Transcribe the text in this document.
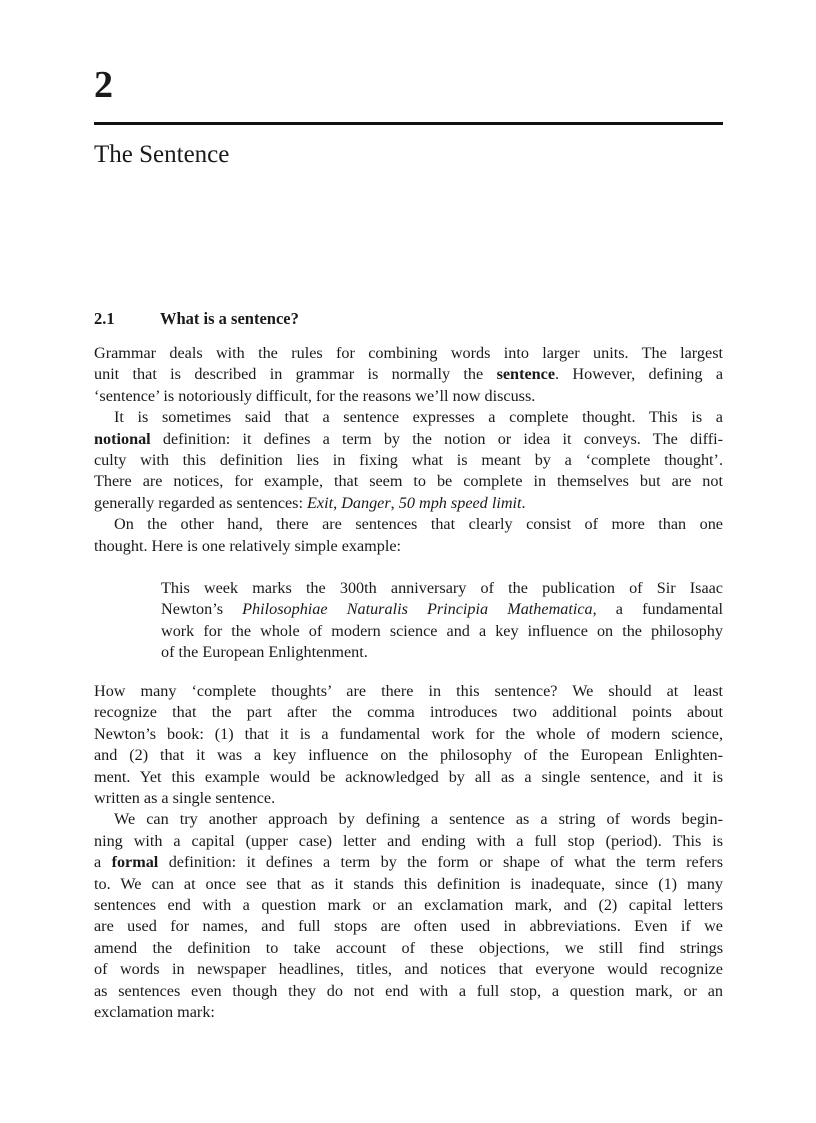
2
The Sentence
2.1	What is a sentence?
Grammar deals with the rules for combining words into larger units. The largest
unit that is described in grammar is normally the sentence. However, defining a
‘sentence’ is notoriously difficult, for the reasons we’ll now discuss.
It is sometimes said that a sentence expresses a complete thought. This is a
notional definition: it defines a term by the notion or idea it conveys. The diffi-
culty with this definition lies in fixing what is meant by a ‘complete thought’.
There are notices, for example, that seem to be complete in themselves but are not
generally regarded as sentences: Exit, Danger, 50 mph speed limit.
On the other hand, there are sentences that clearly consist of more than one
thought. Here is one relatively simple example:
This week marks the 300th anniversary of the publication of Sir Isaac
Newton’s Philosophiae Naturalis Principia Mathematica, a fundamental
work for the whole of modern science and a key influence on the philosophy
of the European Enlightenment.
How many ‘complete thoughts’ are there in this sentence? We should at least
recognize that the part after the comma introduces two additional points about
Newton’s book: (1) that it is a fundamental work for the whole of modern science,
and (2) that it was a key influence on the philosophy of the European Enlighten-
ment. Yet this example would be acknowledged by all as a single sentence, and it is
written as a single sentence.
We can try another approach by defining a sentence as a string of words begin-
ning with a capital (upper case) letter and ending with a full stop (period). This is
a formal definition: it defines a term by the form or shape of what the term refers
to. We can at once see that as it stands this definition is inadequate, since (1) many
sentences end with a question mark or an exclamation mark, and (2) capital letters
are used for names, and full stops are often used in abbreviations. Even if we
amend the definition to take account of these objections, we still find strings
of words in newspaper headlines, titles, and notices that everyone would recognize
as sentences even though they do not end with a full stop, a question mark, or an
exclamation mark:
